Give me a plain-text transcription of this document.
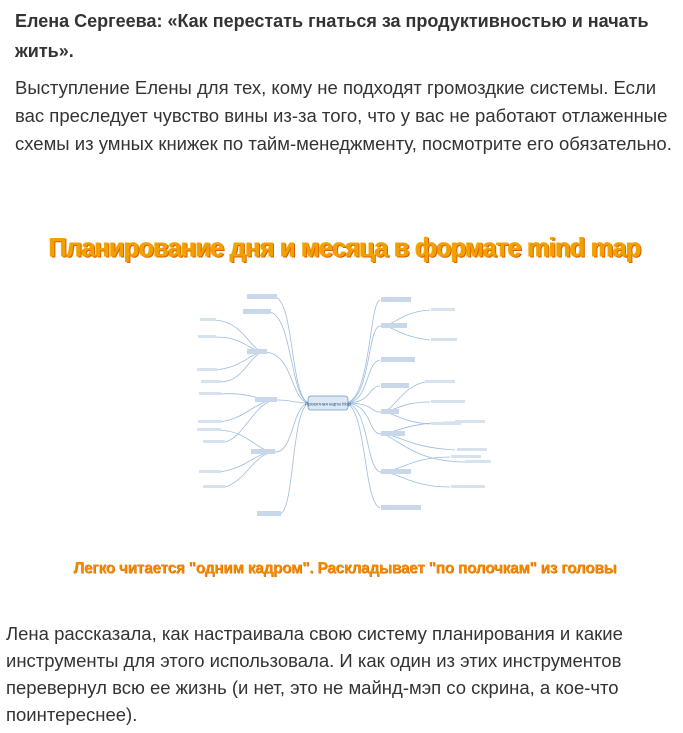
Елена Сергеева: «Как перестать гнаться за продуктивностью и начать жить».
Выступление Елены для тех, кому не подходят громоздкие системы. Если вас преследует чувство вины из-за того, что у вас не работают отлаженные схемы из умных книжек по тайм-менеджменту, посмотрите его обязательно.
Планирование дня и месяца в формате mind map
Проектная карта Мэр
Легко читается "одним кадром". Раскладывает "по полочкам" из головы
Лена рассказала, как настраивала свою систему планирования и какие инструменты для этого использовала. И как один из этих инструментов перевернул всю ее жизнь (и нет, это не майнд-мэп со скрина, а кое-что поинтереснее).
